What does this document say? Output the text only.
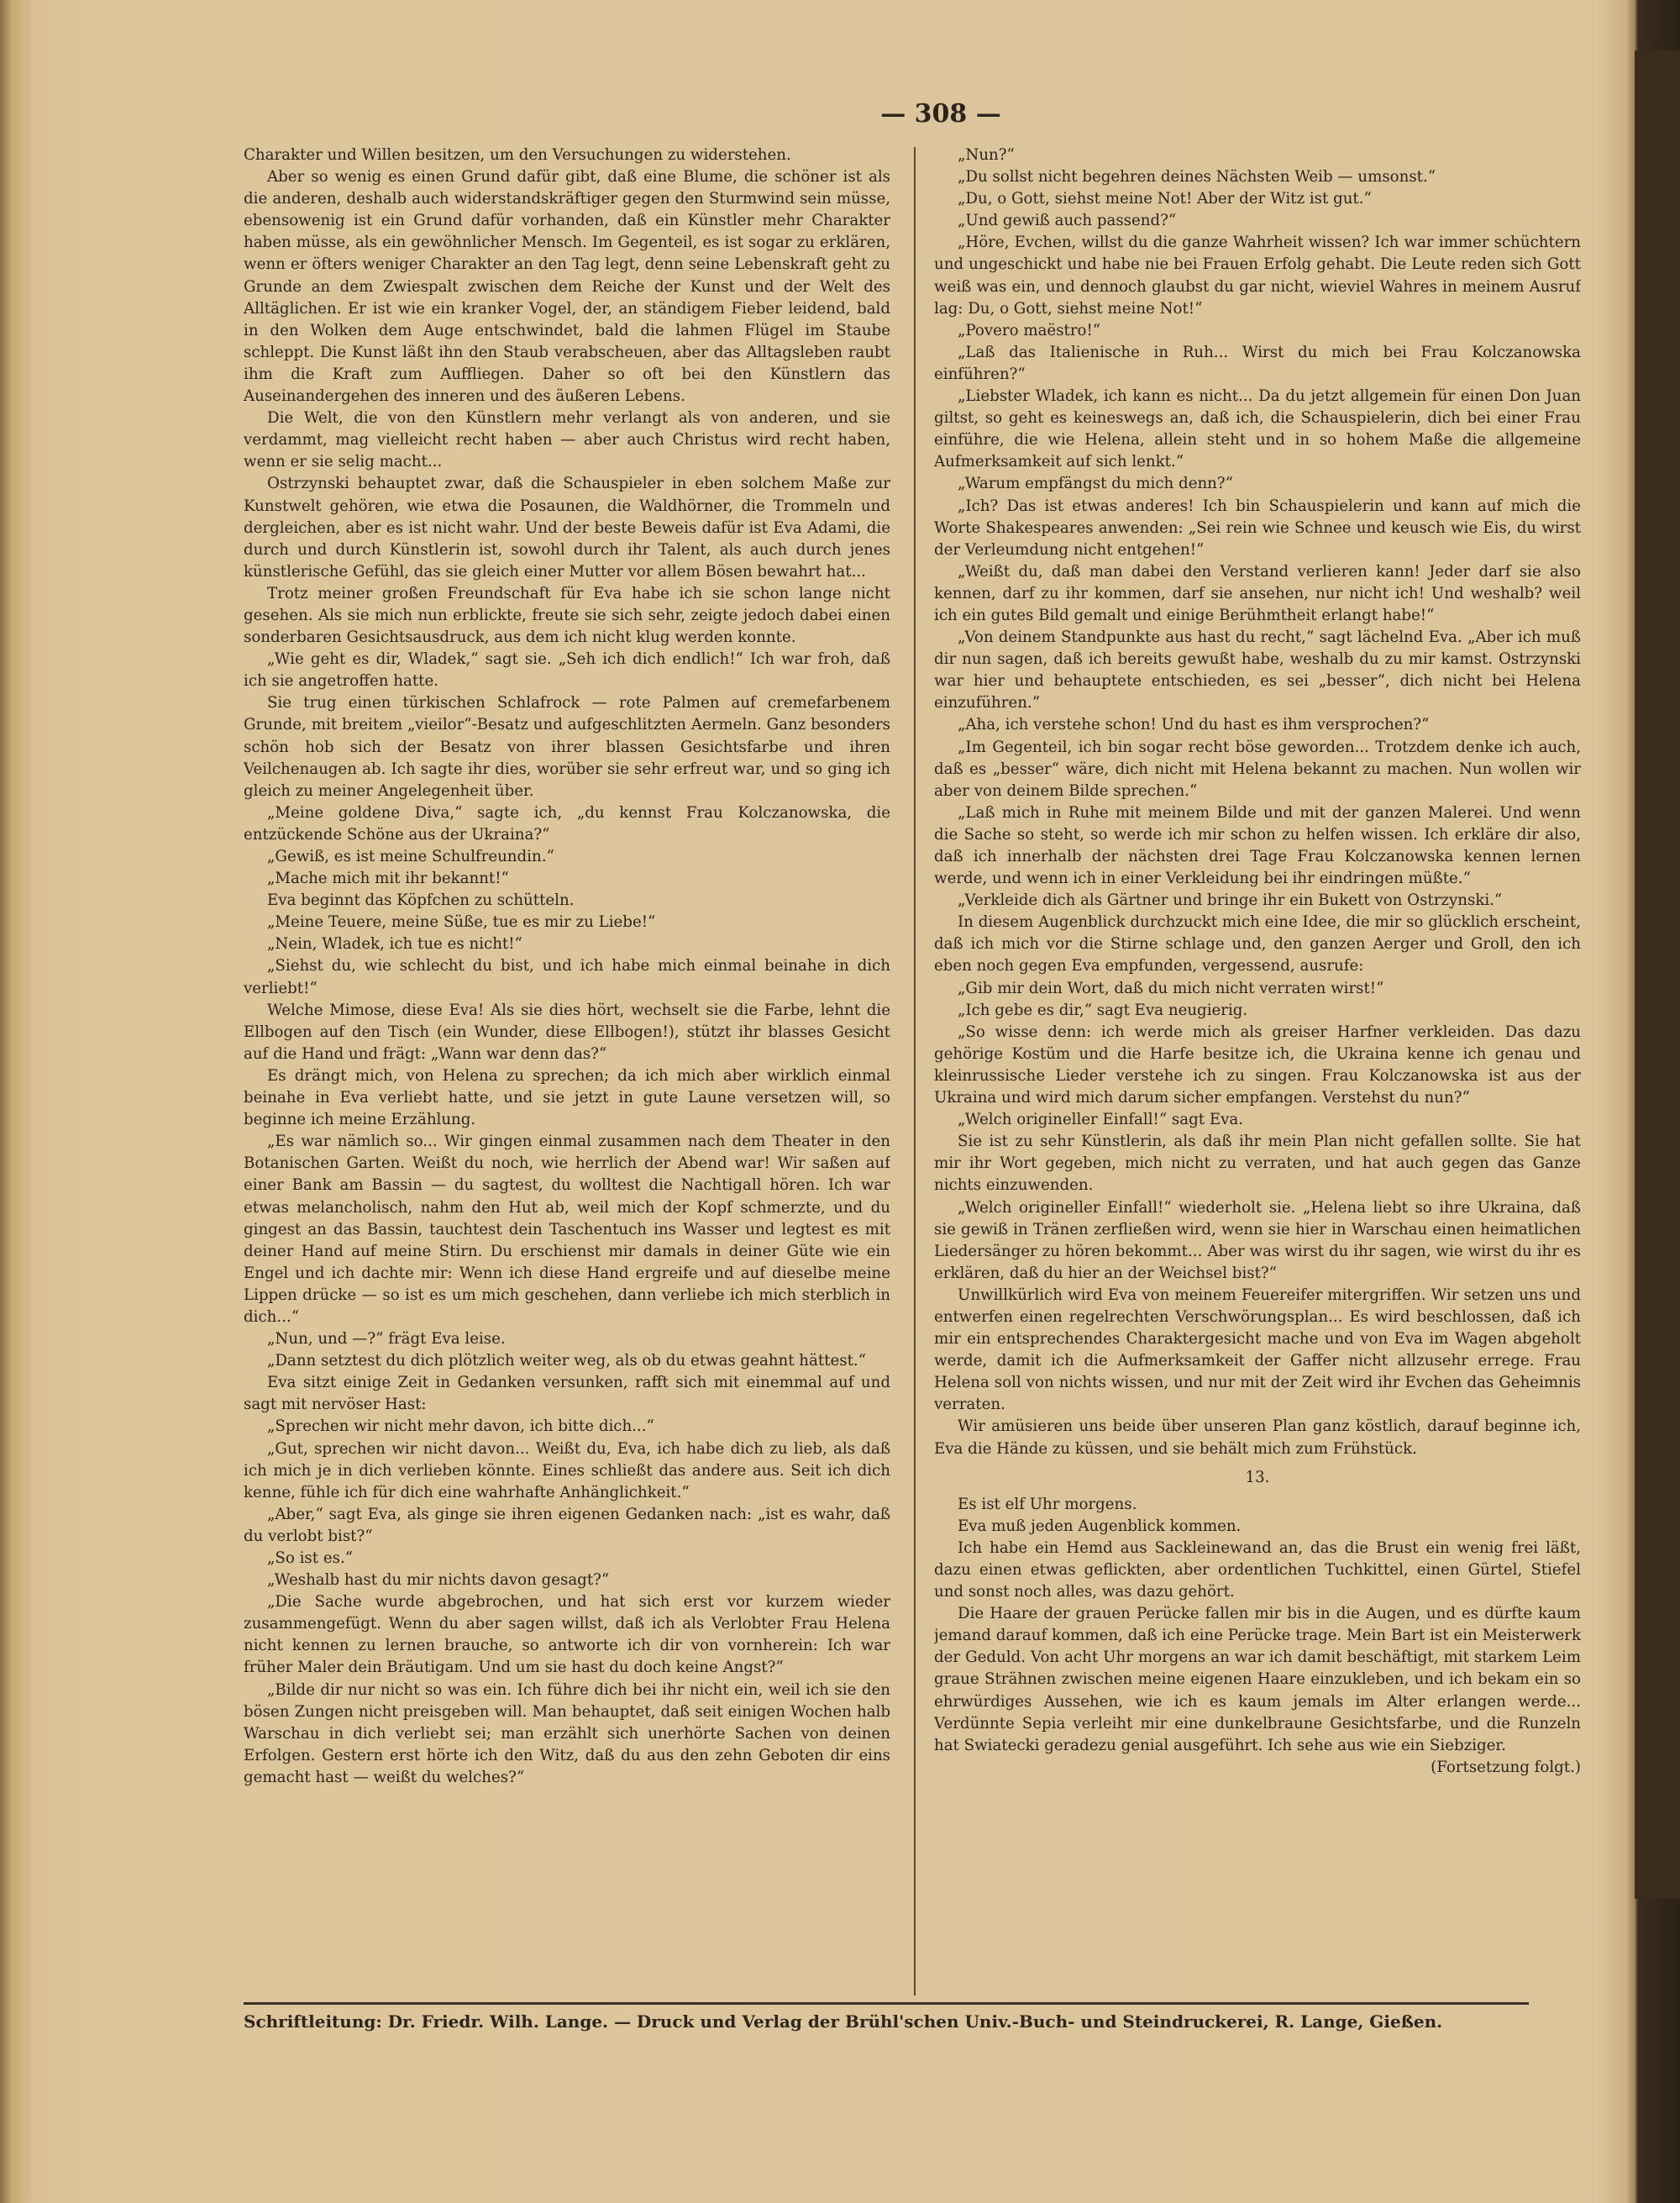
— 308 —

Charakter und Willen besitzen, um den Versuchungen zu widerstehen.

Aber so wenig es einen Grund dafür gibt, daß eine Blume, die schöner ist als die anderen, deshalb auch widerstandskräftiger gegen den Sturmwind sein müsse, ebensowenig ist ein Grund dafür vorhanden, daß ein Künstler mehr Charakter haben müsse, als ein gewöhnlicher Mensch. Im Gegenteil, es ist sogar zu erklären, wenn er öfters weniger Charakter an den Tag legt, denn seine Lebenskraft geht zu Grunde an dem Zwiespalt zwischen dem Reiche der Kunst und der Welt des Alltäglichen. Er ist wie ein kranker Vogel, der, an ständigem Fieber leidend, bald in den Wolken dem Auge entschwindet, bald die lahmen Flügel im Staube schleppt. Die Kunst läßt ihn den Staub verabscheuen, aber das Alltagsleben raubt ihm die Kraft zum Auffliegen. Daher so oft bei den Künstlern das Auseinandergehen des inneren und des äußeren Lebens.

Die Welt, die von den Künstlern mehr verlangt als von anderen, und sie verdammt, mag vielleicht recht haben — aber auch Christus wird recht haben, wenn er sie selig macht...

Ostrzynski behauptet zwar, daß die Schauspieler in eben solchem Maße zur Kunstwelt gehören, wie etwa die Posaunen, die Waldhörner, die Trommeln und dergleichen, aber es ist nicht wahr. Und der beste Beweis dafür ist Eva Adami, die durch und durch Künstlerin ist, sowohl durch ihr Talent, als auch durch jenes künstlerische Gefühl, das sie gleich einer Mutter vor allem Bösen bewahrt hat...

Trotz meiner großen Freundschaft für Eva habe ich sie schon lange nicht gesehen. Als sie mich nun erblickte, freute sie sich sehr, zeigte jedoch dabei einen sonderbaren Gesichtsausdruck, aus dem ich nicht klug werden konnte.

„Wie geht es dir, Wladek,“ sagt sie. „Seh ich dich endlich!“ Ich war froh, daß ich sie angetroffen hatte.

Sie trug einen türkischen Schlafrock — rote Palmen auf cremefarbenem Grunde, mit breitem „vieilor“-Besatz und aufgeschlitzten Aermeln. Ganz besonders schön hob sich der Besatz von ihrer blassen Gesichtsfarbe und ihren Veilchenaugen ab. Ich sagte ihr dies, worüber sie sehr erfreut war, und so ging ich gleich zu meiner Angelegenheit über.

„Meine goldene Diva,“ sagte ich, „du kennst Frau Kolczanowska, die entzückende Schöne aus der Ukraina?“

„Gewiß, es ist meine Schulfreundin.“

„Mache mich mit ihr bekannt!“

Eva beginnt das Köpfchen zu schütteln.

„Meine Teuere, meine Süße, tue es mir zu Liebe!“

„Nein, Wladek, ich tue es nicht!“

„Siehst du, wie schlecht du bist, und ich habe mich einmal beinahe in dich verliebt!“

Welche Mimose, diese Eva! Als sie dies hört, wechselt sie die Farbe, lehnt die Ellbogen auf den Tisch (ein Wunder, diese Ellbogen!), stützt ihr blasses Gesicht auf die Hand und frägt: „Wann war denn das?“

Es drängt mich, von Helena zu sprechen; da ich mich aber wirklich einmal beinahe in Eva verliebt hatte, und sie jetzt in gute Laune versetzen will, so beginne ich meine Erzählung.

„Es war nämlich so... Wir gingen einmal zusammen nach dem Theater in den Botanischen Garten. Weißt du noch, wie herrlich der Abend war! Wir saßen auf einer Bank am Bassin — du sagtest, du wolltest die Nachtigall hören. Ich war etwas melancholisch, nahm den Hut ab, weil mich der Kopf schmerzte, und du gingest an das Bassin, tauchtest dein Taschentuch ins Wasser und legtest es mit deiner Hand auf meine Stirn. Du erschienst mir damals in deiner Güte wie ein Engel und ich dachte mir: Wenn ich diese Hand ergreife und auf dieselbe meine Lippen drücke — so ist es um mich geschehen, dann verliebe ich mich sterblich in dich...“

„Nun, und —?“ frägt Eva leise.

„Dann setztest du dich plötzlich weiter weg, als ob du etwas geahnt hättest.“

Eva sitzt einige Zeit in Gedanken versunken, rafft sich mit einemmal auf und sagt mit nervöser Hast:

„Sprechen wir nicht mehr davon, ich bitte dich...“

„Gut, sprechen wir nicht davon... Weißt du, Eva, ich habe dich zu lieb, als daß ich mich je in dich verlieben könnte. Eines schließt das andere aus. Seit ich dich kenne, fühle ich für dich eine wahrhafte Anhänglichkeit.“

„Aber,“ sagt Eva, als ginge sie ihren eigenen Gedanken nach: „ist es wahr, daß du verlobt bist?“

„So ist es.“

„Weshalb hast du mir nichts davon gesagt?“

„Die Sache wurde abgebrochen, und hat sich erst vor kurzem wieder zusammengefügt. Wenn du aber sagen willst, daß ich als Verlobter Frau Helena nicht kennen zu lernen brauche, so antworte ich dir von vornherein: Ich war früher Maler dein Bräutigam. Und um sie hast du doch keine Angst?“

„Bilde dir nur nicht so was ein. Ich führe dich bei ihr nicht ein, weil ich sie den bösen Zungen nicht preisgeben will. Man behauptet, daß seit einigen Wochen halb Warschau in dich verliebt sei; man erzählt sich unerhörte Sachen von deinen Erfolgen. Gestern erst hörte ich den Witz, daß du aus den zehn Geboten dir eins gemacht hast — weißt du welches?“

„Nun?“

„Du sollst nicht begehren deines Nächsten Weib — umsonst.“

„Du, o Gott, siehst meine Not! Aber der Witz ist gut.“

„Und gewiß auch passend?“

„Höre, Evchen, willst du die ganze Wahrheit wissen? Ich war immer schüchtern und ungeschickt und habe nie bei Frauen Erfolg gehabt. Die Leute reden sich Gott weiß was ein, und dennoch glaubst du gar nicht, wieviel Wahres in meinem Ausruf lag: Du, o Gott, siehst meine Not!“

„Povero maëstro!“

„Laß das Italienische in Ruh... Wirst du mich bei Frau Kolczanowska einführen?“

„Liebster Wladek, ich kann es nicht... Da du jetzt allgemein für einen Don Juan giltst, so geht es keineswegs an, daß ich, die Schauspielerin, dich bei einer Frau einführe, die wie Helena, allein steht und in so hohem Maße die allgemeine Aufmerksamkeit auf sich lenkt.“

„Warum empfängst du mich denn?“

„Ich? Das ist etwas anderes! Ich bin Schauspielerin und kann auf mich die Worte Shakespeares anwenden: „Sei rein wie Schnee und keusch wie Eis, du wirst der Verleumdung nicht entgehen!“

„Weißt du, daß man dabei den Verstand verlieren kann! Jeder darf sie also kennen, darf zu ihr kommen, darf sie ansehen, nur nicht ich! Und weshalb? weil ich ein gutes Bild gemalt und einige Berühmtheit erlangt habe!“

„Von deinem Standpunkte aus hast du recht,“ sagt lächelnd Eva. „Aber ich muß dir nun sagen, daß ich bereits gewußt habe, weshalb du zu mir kamst. Ostrzynski war hier und behauptete entschieden, es sei „besser“, dich nicht bei Helena einzuführen.“

„Aha, ich verstehe schon! Und du hast es ihm versprochen?“

„Im Gegenteil, ich bin sogar recht böse geworden... Trotzdem denke ich auch, daß es „besser“ wäre, dich nicht mit Helena bekannt zu machen. Nun wollen wir aber von deinem Bilde sprechen.“

„Laß mich in Ruhe mit meinem Bilde und mit der ganzen Malerei. Und wenn die Sache so steht, so werde ich mir schon zu helfen wissen. Ich erkläre dir also, daß ich innerhalb der nächsten drei Tage Frau Kolczanowska kennen lernen werde, und wenn ich in einer Verkleidung bei ihr eindringen müßte.“

„Verkleide dich als Gärtner und bringe ihr ein Bukett von Ostrzynski.“

In diesem Augenblick durchzuckt mich eine Idee, die mir so glücklich erscheint, daß ich mich vor die Stirne schlage und, den ganzen Aerger und Groll, den ich eben noch gegen Eva empfunden, vergessend, ausrufe:

„Gib mir dein Wort, daß du mich nicht verraten wirst!“

„Ich gebe es dir,“ sagt Eva neugierig.

„So wisse denn: ich werde mich als greiser Harfner verkleiden. Das dazu gehörige Kostüm und die Harfe besitze ich, die Ukraina kenne ich genau und kleinrussische Lieder verstehe ich zu singen. Frau Kolczanowska ist aus der Ukraina und wird mich darum sicher empfangen. Verstehst du nun?“

„Welch origineller Einfall!“ sagt Eva.

Sie ist zu sehr Künstlerin, als daß ihr mein Plan nicht gefallen sollte. Sie hat mir ihr Wort gegeben, mich nicht zu verraten, und hat auch gegen das Ganze nichts einzuwenden.

„Welch origineller Einfall!“ wiederholt sie. „Helena liebt so ihre Ukraina, daß sie gewiß in Tränen zerfließen wird, wenn sie hier in Warschau einen heimatlichen Liedersänger zu hören bekommt... Aber was wirst du ihr sagen, wie wirst du ihr es erklären, daß du hier an der Weichsel bist?“

Unwillkürlich wird Eva von meinem Feuereifer mitergriffen. Wir setzen uns und entwerfen einen regelrechten Verschwörungsplan... Es wird beschlossen, daß ich mir ein entsprechendes Charaktergesicht mache und von Eva im Wagen abgeholt werde, damit ich die Aufmerksamkeit der Gaffer nicht allzusehr errege. Frau Helena soll von nichts wissen, und nur mit der Zeit wird ihr Evchen das Geheimnis verraten.

Wir amüsieren uns beide über unseren Plan ganz köstlich, darauf beginne ich, Eva die Hände zu küssen, und sie behält mich zum Frühstück.

13.

Es ist elf Uhr morgens.

Eva muß jeden Augenblick kommen.

Ich habe ein Hemd aus Sackleinewand an, das die Brust ein wenig frei läßt, dazu einen etwas geflickten, aber ordentlichen Tuchkittel, einen Gürtel, Stiefel und sonst noch alles, was dazu gehört.

Die Haare der grauen Perücke fallen mir bis in die Augen, und es dürfte kaum jemand darauf kommen, daß ich eine Perücke trage. Mein Bart ist ein Meisterwerk der Geduld. Von acht Uhr morgens an war ich damit beschäftigt, mit starkem Leim graue Strähnen zwischen meine eigenen Haare einzukleben, und ich bekam ein so ehrwürdiges Aussehen, wie ich es kaum jemals im Alter erlangen werde... Verdünnte Sepia verleiht mir eine dunkelbraune Gesichtsfarbe, und die Runzeln hat Swiatecki geradezu genial ausgeführt. Ich sehe aus wie ein Siebziger.

(Fortsetzung folgt.)

Schriftleitung: Dr. Friedr. Wilh. Lange. — Druck und Verlag der Brühl'schen Univ.-Buch- und Steindruckerei, R. Lange, Gießen.
